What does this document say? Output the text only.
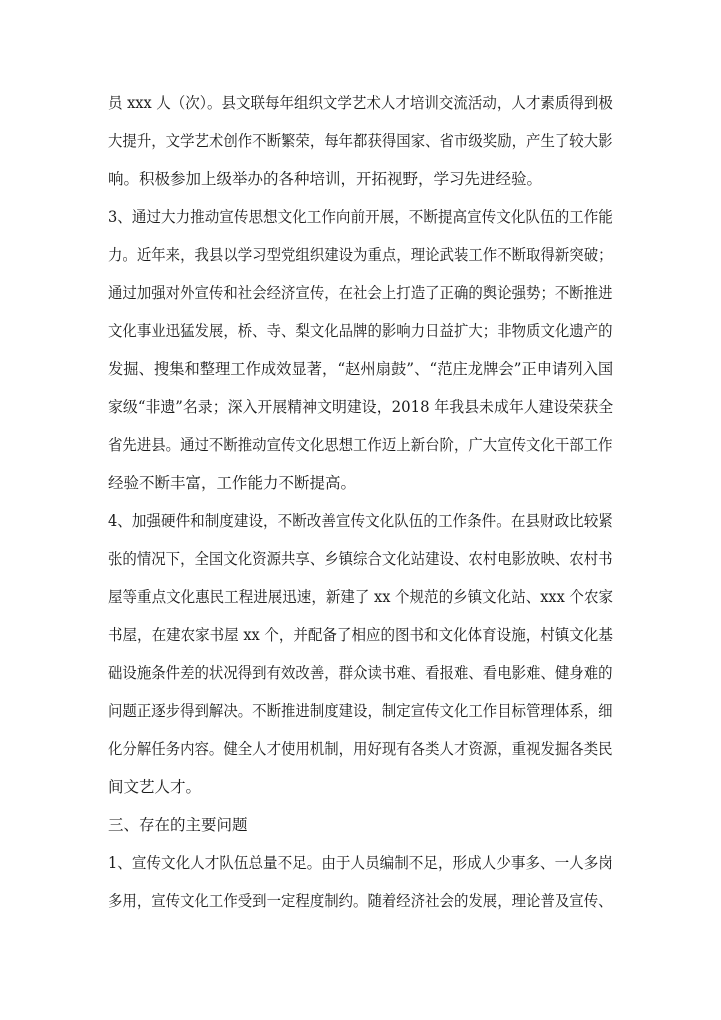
员 xxx 人（次）。县文联每年组织文学艺术人才培训交流活动，人才素质得到极
大提升，文学艺术创作不断繁荣，每年都获得国家、省市级奖励，产生了较大影
响。积极参加上级举办的各种培训，开拓视野，学习先进经验。
3、通过大力推动宣传思想文化工作向前开展，不断提高宣传文化队伍的工作能
力。近年来，我县以学习型党组织建设为重点，理论武装工作不断取得新突破；
通过加强对外宣传和社会经济宣传，在社会上打造了正确的舆论强势；不断推进
文化事业迅猛发展，桥、寺、梨文化品牌的影响力日益扩大；非物质文化遗产的
发掘、搜集和整理工作成效显著，“赵州扇鼓”、“范庄龙牌会”正申请列入国
家级“非遗”名录；深入开展精神文明建设，2018 年我县未成年人建设荣获全
省先进县。通过不断推动宣传文化思想工作迈上新台阶，广大宣传文化干部工作
经验不断丰富，工作能力不断提高。
4、加强硬件和制度建设，不断改善宣传文化队伍的工作条件。在县财政比较紧
张的情况下，全国文化资源共享、乡镇综合文化站建设、农村电影放映、农村书
屋等重点文化惠民工程进展迅速，新建了 xx 个规范的乡镇文化站、xxx 个农家
书屋，在建农家书屋 xx 个，并配备了相应的图书和文化体育设施，村镇文化基
础设施条件差的状况得到有效改善，群众读书难、看报难、看电影难、健身难的
问题正逐步得到解决。不断推进制度建设，制定宣传文化工作目标管理体系，细
化分解任务内容。健全人才使用机制，用好现有各类人才资源，重视发掘各类民
间文艺人才。
三、存在的主要问题
1、宣传文化人才队伍总量不足。由于人员编制不足，形成人少事多、一人多岗
多用，宣传文化工作受到一定程度制约。随着经济社会的发展，理论普及宣传、
